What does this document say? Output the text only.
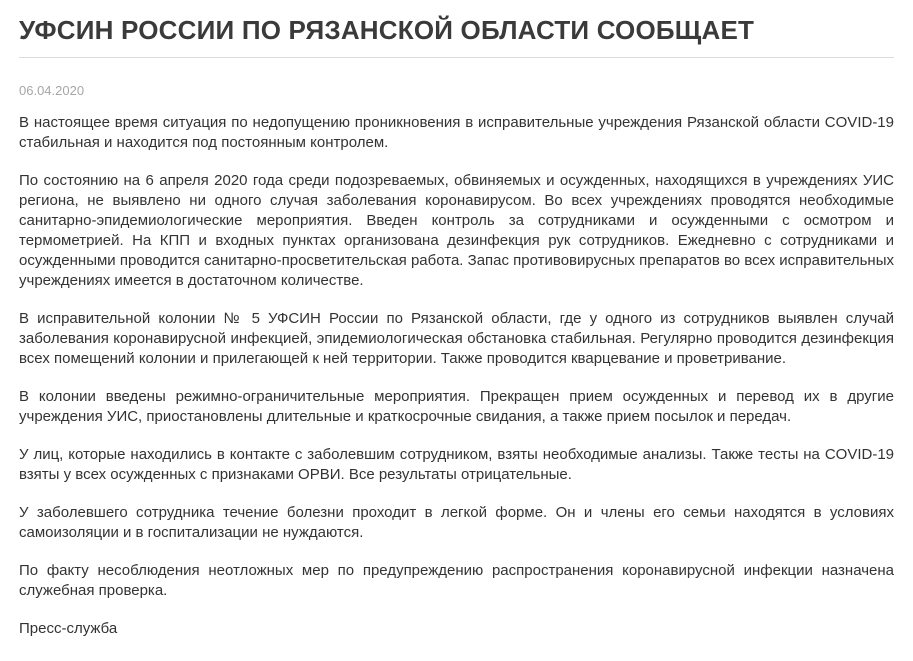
УФСИН РОССИИ ПО РЯЗАНСКОЙ ОБЛАСТИ СООБЩАЕТ
06.04.2020

В настоящее время ситуация по недопущению проникновения в исправительные учреждения Рязанской области COVID-19 стабильная и находится под постоянным контролем.

По состоянию на 6 апреля 2020 года среди подозреваемых, обвиняемых и осужденных, находящихся в учреждениях УИС региона, не выявлено ни одного случая заболевания коронавирусом. Во всех учреждениях проводятся необходимые санитарно-эпидемиологические мероприятия. Введен контроль за сотрудниками и осужденными с осмотром и термометрией. На КПП и входных пунктах организована дезинфекция рук сотрудников. Ежедневно с сотрудниками и осужденными проводится санитарно-просветительская работа. Запас противовирусных препаратов во всех исправительных учреждениях имеется в достаточном количестве.

В исправительной колонии № 5 УФСИН России по Рязанской области, где у одного из сотрудников выявлен случай заболевания коронавирусной инфекцией, эпидемиологическая обстановка стабильная. Регулярно проводится дезинфекция всех помещений колонии и прилегающей к ней территории. Также проводится кварцевание и проветривание.

В колонии введены режимно-ограничительные мероприятия. Прекращен прием осужденных и перевод их в другие учреждения УИС, приостановлены длительные и краткосрочные свидания, а также прием посылок и передач.

У лиц, которые находились в контакте с заболевшим сотрудником, взяты необходимые анализы. Также тесты на COVID-19 взяты у всех осужденных с признаками ОРВИ. Все результаты отрицательные.

У заболевшего сотрудника течение болезни проходит в легкой форме. Он и члены его семьи находятся в условиях самоизоляции и в госпитализации не нуждаются.

По факту несоблюдения неотложных мер по предупреждению распространения коронавирусной инфекции назначена служебная проверка.

Пресс-служба
